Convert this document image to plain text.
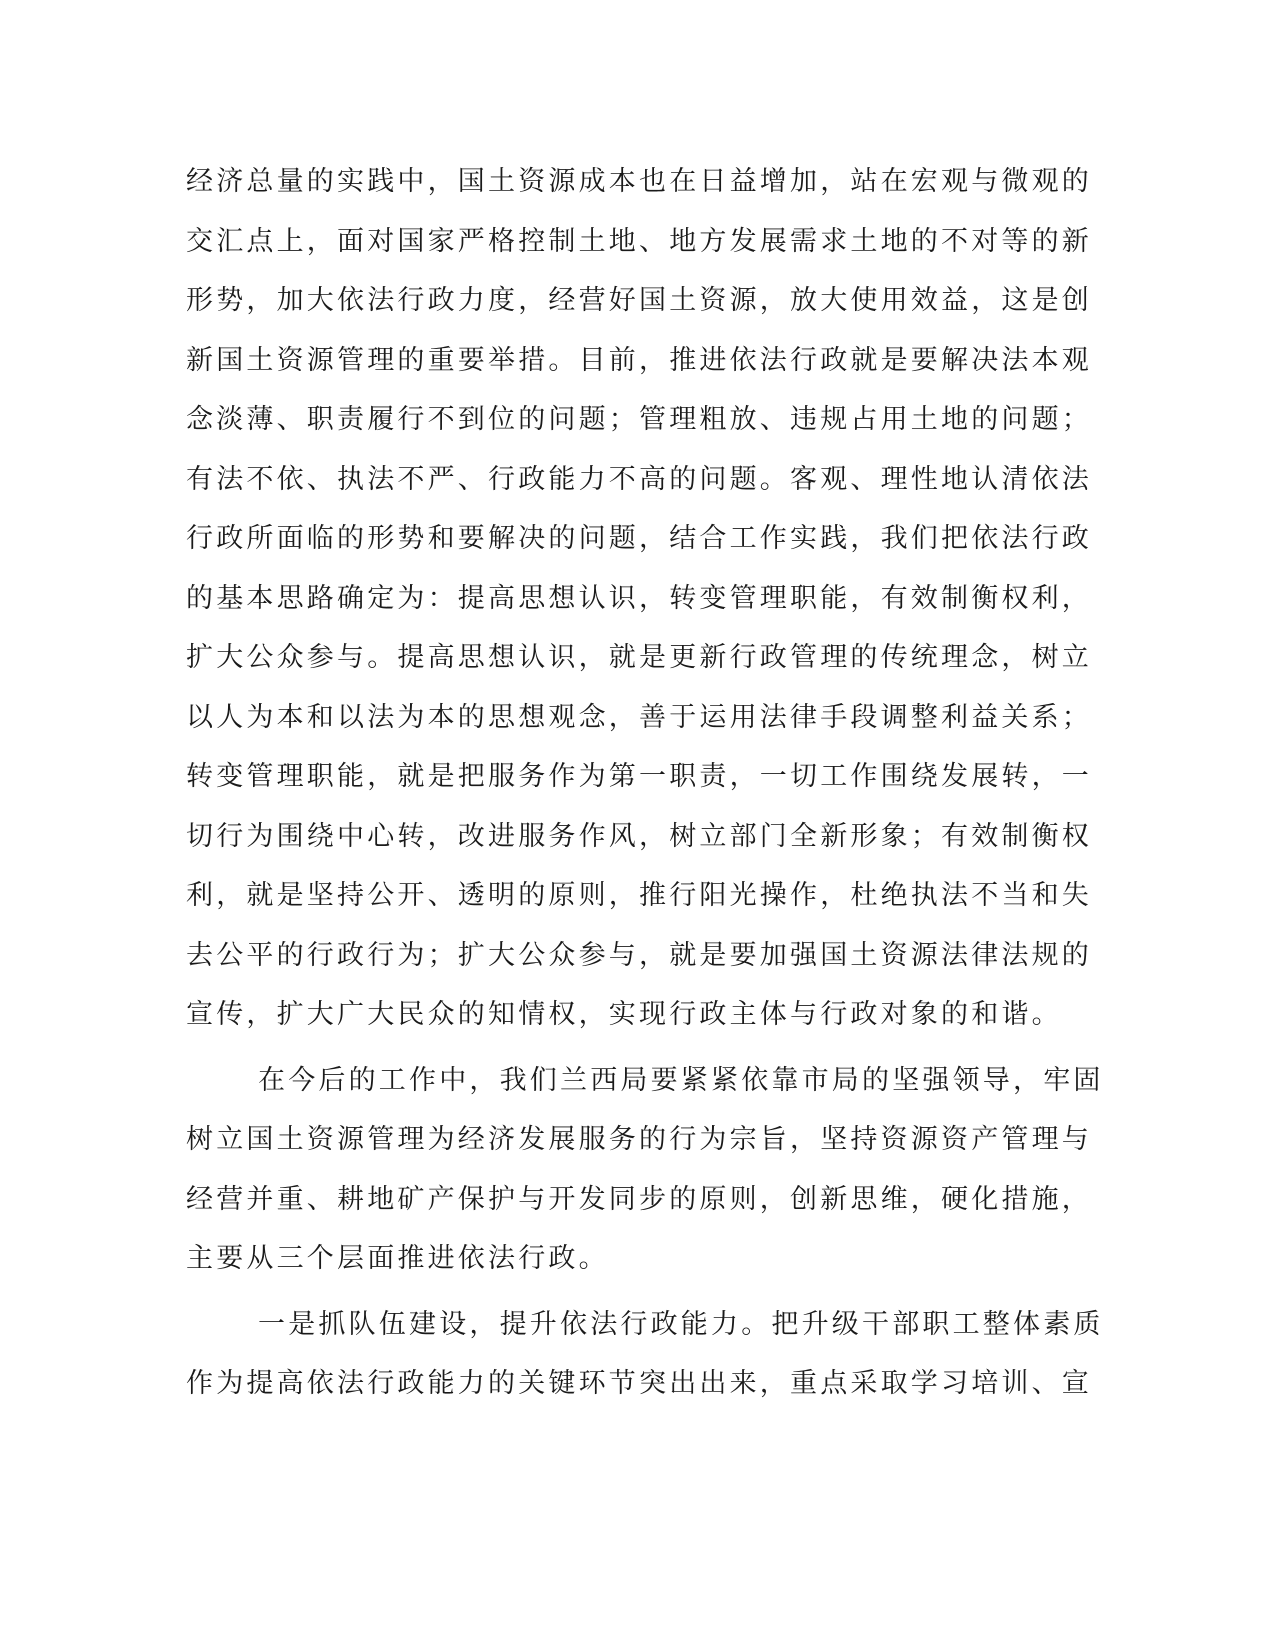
经济总量的实践中，国土资源成本也在日益增加，站在宏观与微观的
交汇点上，面对国家严格控制土地、地方发展需求土地的不对等的新
形势，加大依法行政力度，经营好国土资源，放大使用效益，这是创
新国土资源管理的重要举措。目前，推进依法行政就是要解决法本观
念淡薄、职责履行不到位的问题；管理粗放、违规占用土地的问题；
有法不依、执法不严、行政能力不高的问题。客观、理性地认清依法
行政所面临的形势和要解决的问题，结合工作实践，我们把依法行政
的基本思路确定为：提高思想认识，转变管理职能，有效制衡权利，
扩大公众参与。提高思想认识，就是更新行政管理的传统理念，树立
以人为本和以法为本的思想观念，善于运用法律手段调整利益关系；
转变管理职能，就是把服务作为第一职责，一切工作围绕发展转，一
切行为围绕中心转，改进服务作风，树立部门全新形象；有效制衡权
利，就是坚持公开、透明的原则，推行阳光操作，杜绝执法不当和失
去公平的行政行为；扩大公众参与，就是要加强国土资源法律法规的
宣传，扩大广大民众的知情权，实现行政主体与行政对象的和谐。
在今后的工作中，我们兰西局要紧紧依靠市局的坚强领导，牢固
树立国土资源管理为经济发展服务的行为宗旨，坚持资源资产管理与
经营并重、耕地矿产保护与开发同步的原则，创新思维，硬化措施，
主要从三个层面推进依法行政。
一是抓队伍建设，提升依法行政能力。把升级干部职工整体素质
作为提高依法行政能力的关键环节突出出来，重点采取学习培训、宣
